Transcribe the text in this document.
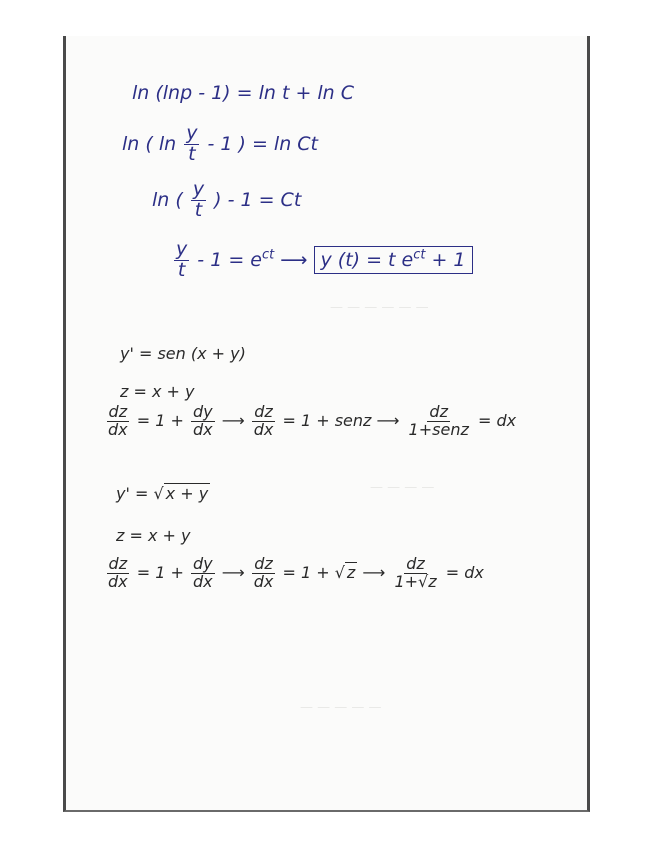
— — — — — —
— — — —
— — — — —
ln (lnp - 1) = ln t + ln C
ln ( $\ln \frac{y}{t} - 1$ ) = ln Ct
ln ( $\frac{y}{t}$ ) - 1 = Ct
$\frac{y}{t} - 1 = e^{ct}$ ⟶ y (t) = t $e^{ct} + 1$
y' = sen (x + y)
z = x + y
$\frac{dz}{dx} = 1 + \frac{dy}{dx}$ ⟶ $\frac{dz}{dx} = 1$ + senz ⟶ $\frac{dz}{\text{1+senz}}$ = dx
y' = √ x + y
z = x + y
$\frac{dz}{dx} = 1 + \frac{dy}{dx}$ ⟶ $\frac{dz}{dx} = 1$ + √ z ⟶ $\frac{dz}{1+√z}$ = dx
